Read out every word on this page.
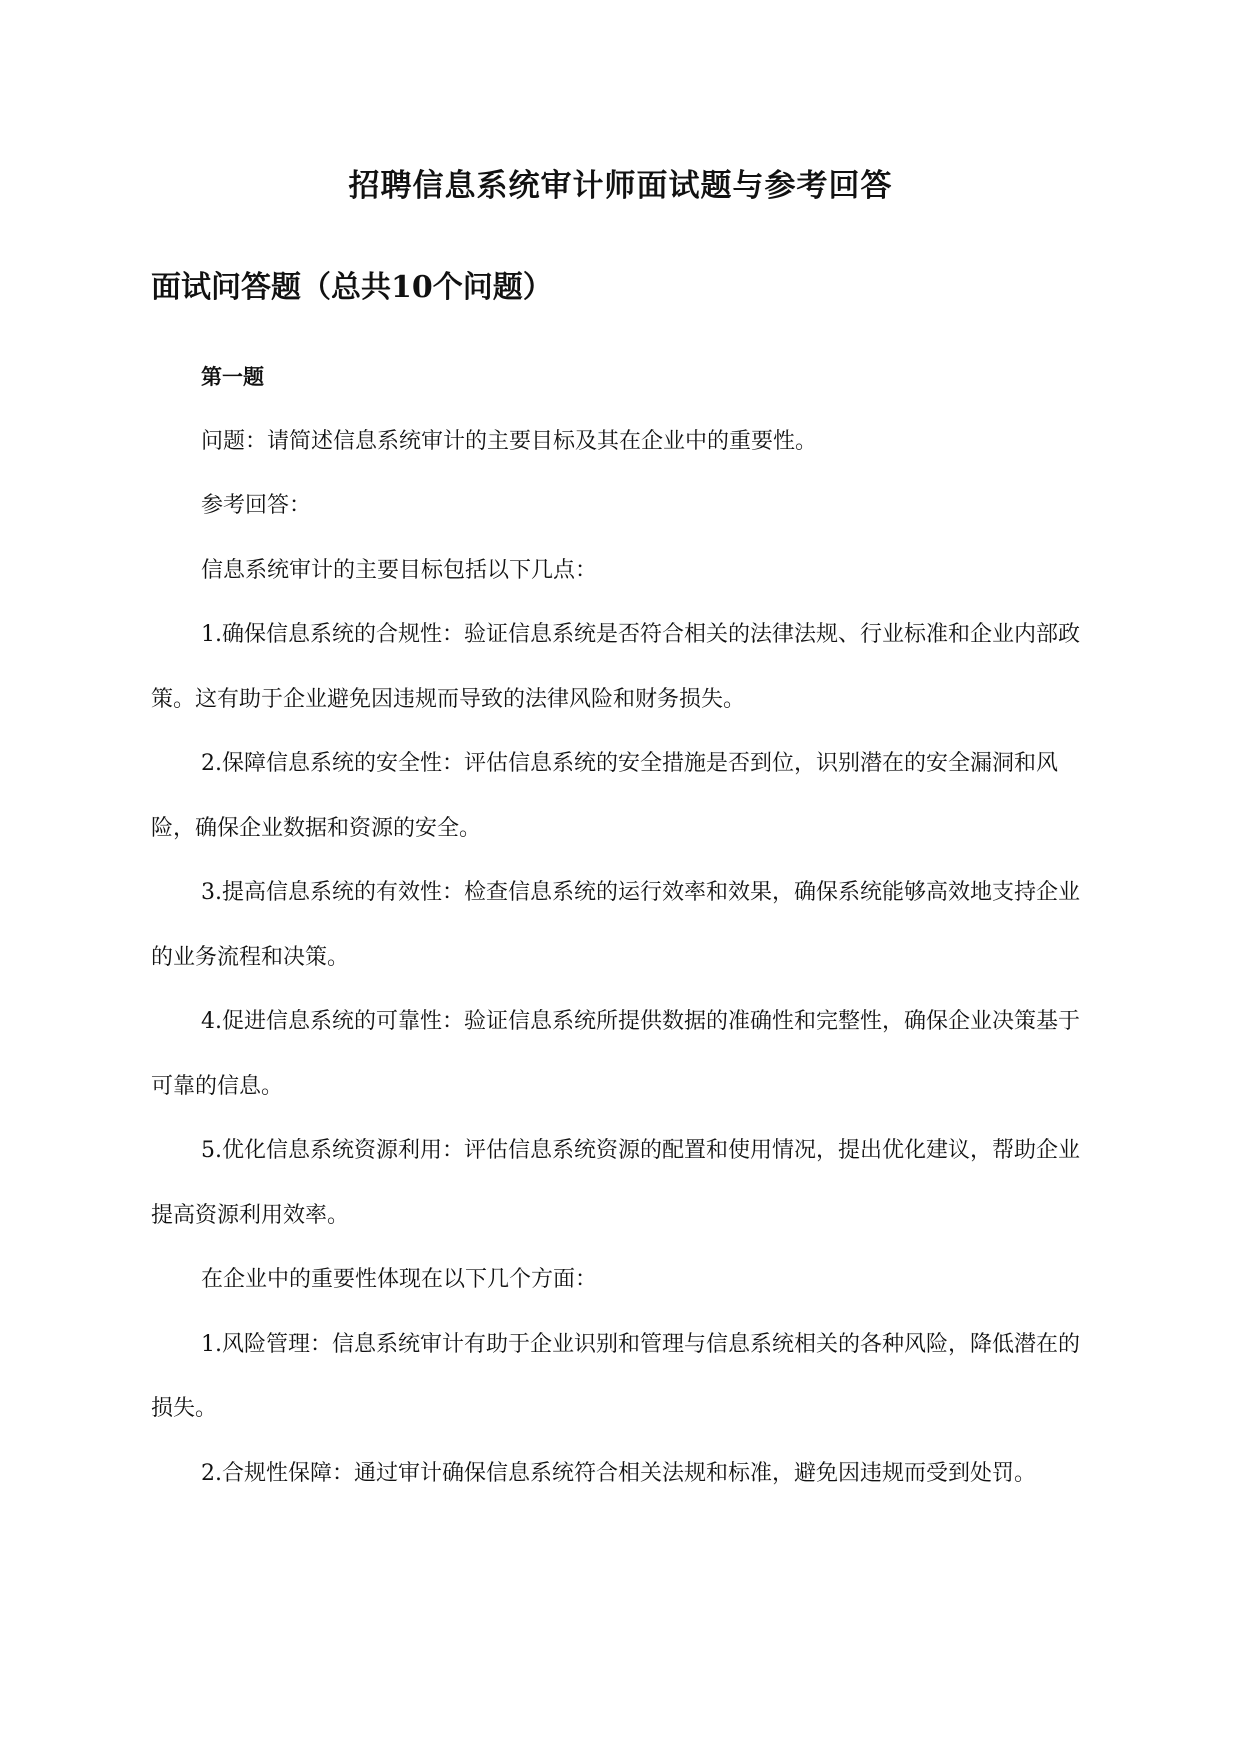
招聘信息系统审计师面试题与参考回答
面试问答题（总共10个问题）

第一题

问题：请简述信息系统审计的主要目标及其在企业中的重要性。

参考回答：

信息系统审计的主要目标包括以下几点：

1.确保信息系统的合规性：验证信息系统是否符合相关的法律法规、行业标准和企业内部政策。这有助于企业避免因违规而导致的法律风险和财务损失。

2.保障信息系统的安全性：评估信息系统的安全措施是否到位，识别潜在的安全漏洞和风险，确保企业数据和资源的安全。

3.提高信息系统的有效性：检查信息系统的运行效率和效果，确保系统能够高效地支持企业的业务流程和决策。

4.促进信息系统的可靠性：验证信息系统所提供数据的准确性和完整性，确保企业决策基于可靠的信息。

5.优化信息系统资源利用：评估信息系统资源的配置和使用情况，提出优化建议，帮助企业提高资源利用效率。

在企业中的重要性体现在以下几个方面：

1.风险管理：信息系统审计有助于企业识别和管理与信息系统相关的各种风险，降低潜在的损失。

2.合规性保障：通过审计确保信息系统符合相关法规和标准，避免因违规而受到处罚。
